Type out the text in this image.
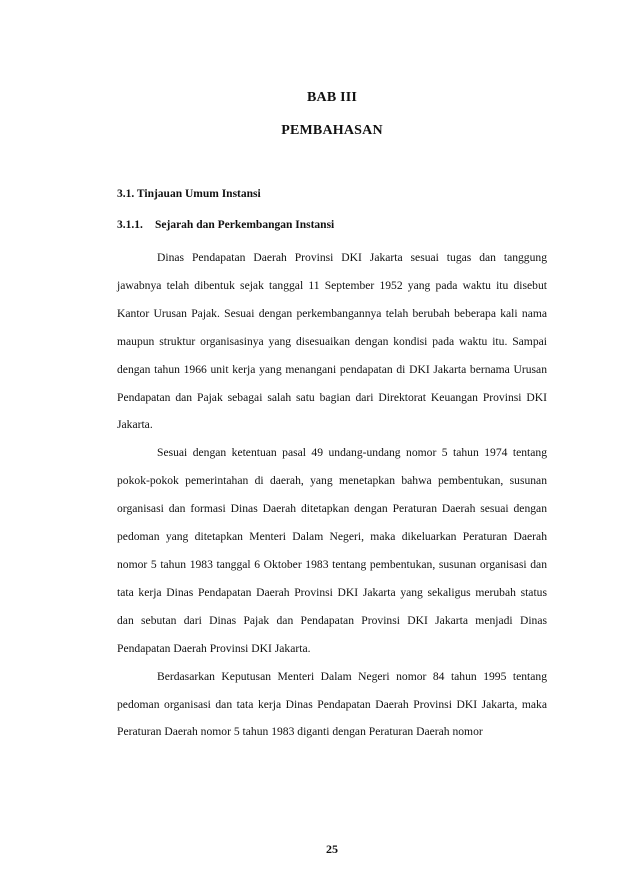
BAB III
PEMBAHASAN
3.1. Tinjauan Umum Instansi
3.1.1. Sejarah dan Perkembangan Instansi

Dinas Pendapatan Daerah Provinsi DKI Jakarta sesuai tugas dan tanggung jawabnya telah dibentuk sejak tanggal 11 September 1952 yang pada waktu itu disebut Kantor Urusan Pajak. Sesuai dengan perkembangannya telah berubah beberapa kali nama maupun struktur organisasinya yang disesuaikan dengan kondisi pada waktu itu. Sampai dengan tahun 1966 unit kerja yang menangani pendapatan di DKI Jakarta bernama Urusan Pendapatan dan Pajak sebagai salah satu bagian dari Direktorat Keuangan Provinsi DKI Jakarta.

Sesuai dengan ketentuan pasal 49 undang-undang nomor 5 tahun 1974 tentang pokok-pokok pemerintahan di daerah, yang menetapkan bahwa pembentukan, susunan organisasi dan formasi Dinas Daerah ditetapkan dengan Peraturan Daerah sesuai dengan pedoman yang ditetapkan Menteri Dalam Negeri, maka dikeluarkan Peraturan Daerah nomor 5 tahun 1983 tanggal 6 Oktober 1983 tentang pembentukan, susunan organisasi dan tata kerja Dinas Pendapatan Daerah Provinsi DKI Jakarta yang sekaligus merubah status dan sebutan dari Dinas Pajak dan Pendapatan Provinsi DKI Jakarta menjadi Dinas Pendapatan Daerah Provinsi DKI Jakarta.

Berdasarkan Keputusan Menteri Dalam Negeri nomor 84 tahun 1995 tentang pedoman organisasi dan tata kerja Dinas Pendapatan Daerah Provinsi DKI Jakarta, maka Peraturan Daerah nomor 5 tahun 1983 diganti dengan Peraturan Daerah nomor

25
